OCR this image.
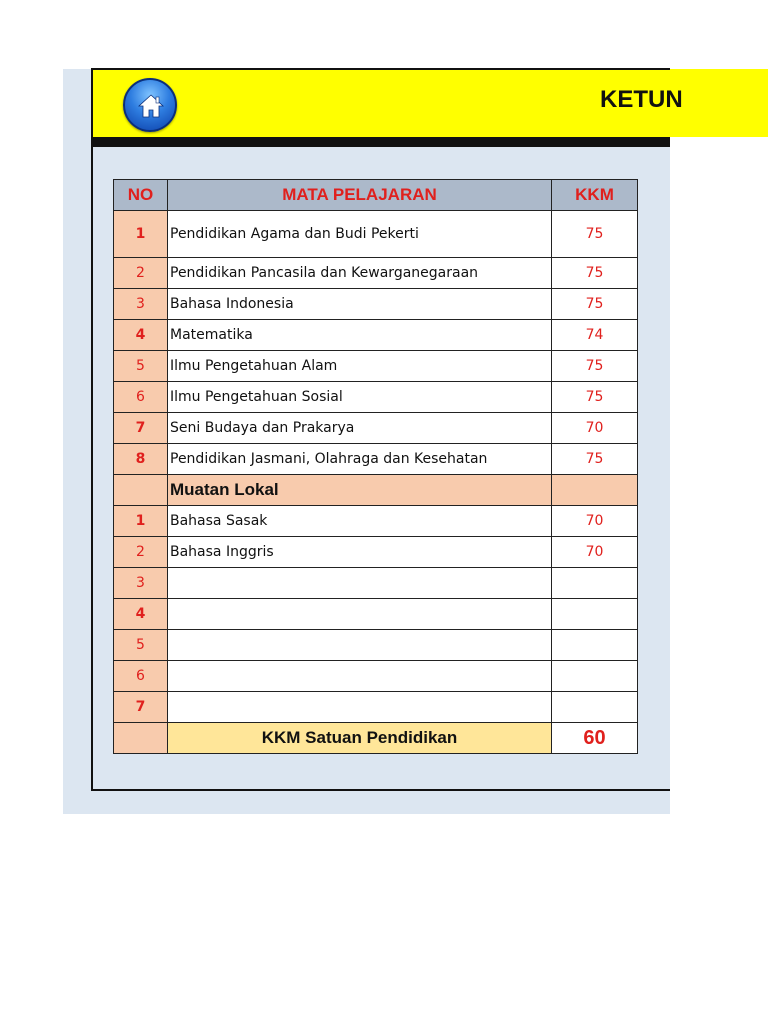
KETUN
NO	MATA PELAJARAN	KKM
1	Pendidikan Agama dan Budi Pekerti	75
2	Pendidikan Pancasila dan Kewarganegaraan	75
3	Bahasa Indonesia	75
4	Matematika	74
5	Ilmu Pengetahuan Alam	75
6	Ilmu Pengetahuan Sosial	75
7	Seni Budaya dan Prakarya	70
8	Pendidikan Jasmani, Olahraga dan Kesehatan	75
	Muatan Lokal	
1	Bahasa Sasak	70
2	Bahasa Inggris	70
3		
4		
5		
6		
7		
	KKM Satuan Pendidikan	60
